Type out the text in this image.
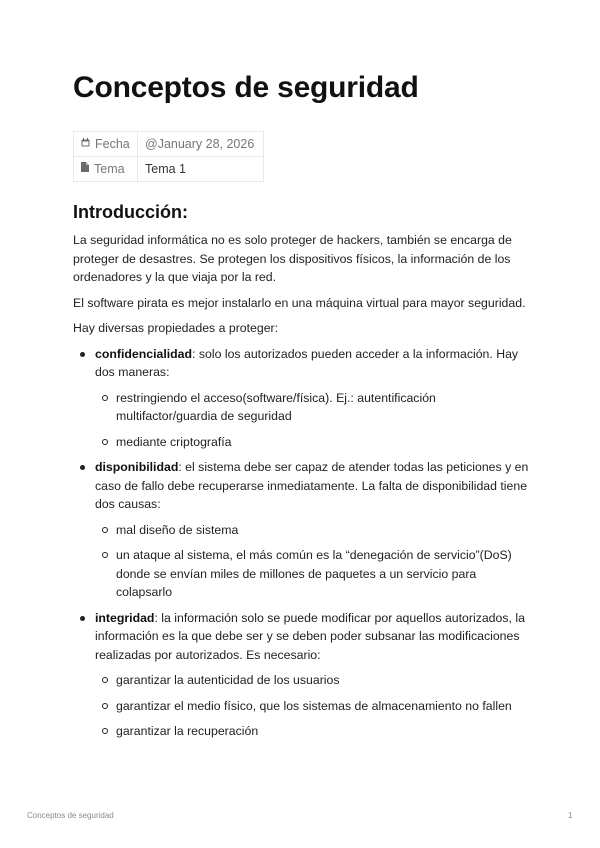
Conceptos de seguridad
Fecha	@January 28, 2026
Tema	Tema 1
Introducción:

La seguridad informática no es solo proteger de hackers, también se encarga de proteger de desastres. Se protegen los dispositivos físicos, la información de los ordenadores y la que viaja por la red.

El software pirata es mejor instalarlo en una máquina virtual para mayor seguridad.

Hay diversas propiedades a proteger:

confidencialidad: solo los autorizados pueden acceder a la información. Hay dos maneras:
restringiendo el acceso(software/física). Ej.: autentificación multifactor/guardia de seguridad
mediante criptografía
disponibilidad: el sistema debe ser capaz de atender todas las peticiones y en caso de fallo debe recuperarse inmediatamente. La falta de disponibilidad tiene dos causas:
mal diseño de sistema
un ataque al sistema, el más común es la “denegación de servicio”(DoS) donde se envían miles de millones de paquetes a un servicio para colapsarlo
integridad: la información solo se puede modificar por aquellos autorizados, la información es la que debe ser y se deben poder subsanar las modificaciones realizadas por autorizados. Es necesario:
garantizar la autenticidad de los usuarios
garantizar el medio físico, que los sistemas de almacenamiento no fallen
garantizar la recuperación
Conceptos de seguridad	1
